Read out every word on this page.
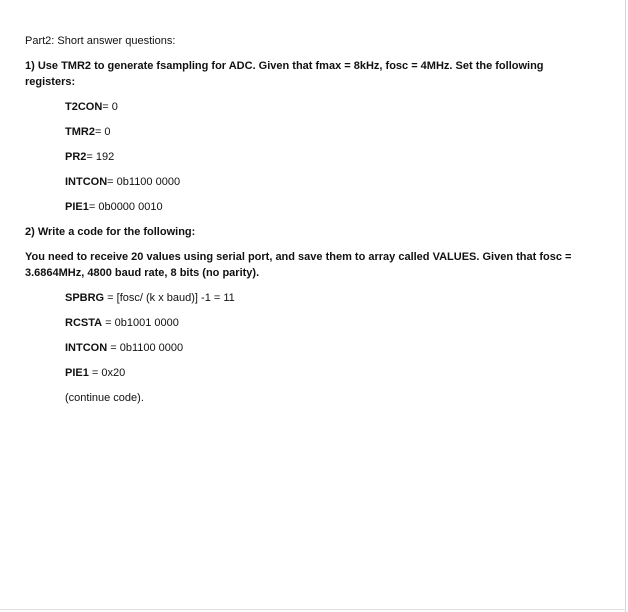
Part2: Short answer questions:

1) Use TMR2 to generate fsampling for ADC. Given that fmax = 8kHz, fosc = 4MHz. Set the following registers:

T2CON= 0
TMR2= 0
PR2= 192
INTCON= 0b1100 0000
PIE1= 0b0000 0010

2) Write a code for the following:

You need to receive 20 values using serial port, and save them to array called VALUES. Given that fosc = 3.6864MHz, 4800 baud rate, 8 bits (no parity).

SPBRG = [fosc/ (k x baud)] -1 = 11
RCSTA = 0b1001 0000
INTCON = 0b1100 0000
PIE1 = 0x20
(continue code).
